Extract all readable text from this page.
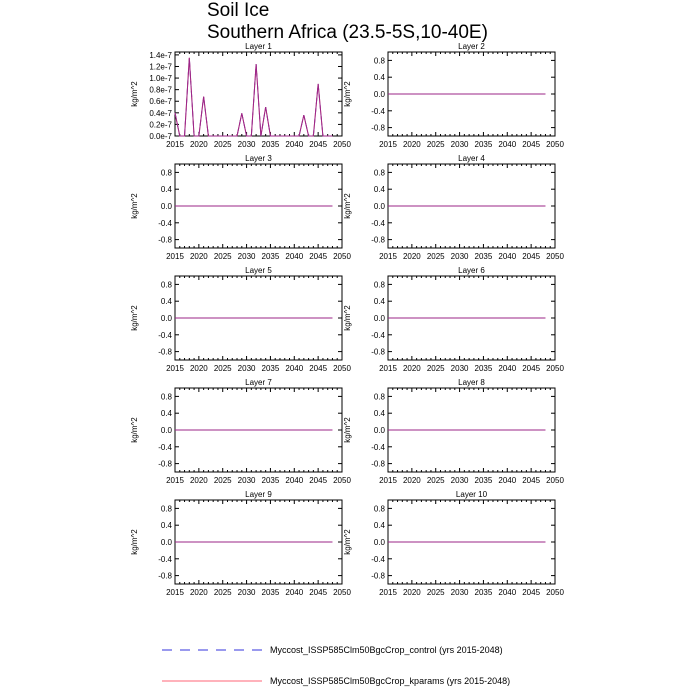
Soil Ice
Southern Africa (23.5-5S,10-40E)
Layer 1
kg/m^2
2015 2020 2025 2030 2035 2040 2045 2050
0.0e-7
0.2e-7
0.4e-7
0.6e-7
0.8e-7
1.0e-7
1.2e-7
1.4e-7
Layer 2
kg/m^2
2015 2020 2025 2030 2035 2040 2045 2050
-0.8
-0.4
0.0
0.4
0.8
Layer 3
kg/m^2
2015 2020 2025 2030 2035 2040 2045 2050
-0.8
-0.4
0.0
0.4
0.8
Layer 4
kg/m^2
2015 2020 2025 2030 2035 2040 2045 2050
-0.8
-0.4
0.0
0.4
0.8
Layer 5
kg/m^2
2015 2020 2025 2030 2035 2040 2045 2050
-0.8
-0.4
0.0
0.4
0.8
Layer 6
kg/m^2
2015 2020 2025 2030 2035 2040 2045 2050
-0.8
-0.4
0.0
0.4
0.8
Layer 7
kg/m^2
2015 2020 2025 2030 2035 2040 2045 2050
-0.8
-0.4
0.0
0.4
0.8
Layer 8
kg/m^2
2015 2020 2025 2030 2035 2040 2045 2050
-0.8
-0.4
0.0
0.4
0.8
Layer 9
kg/m^2
2015 2020 2025 2030 2035 2040 2045 2050
-0.8
-0.4
0.0
0.4
0.8
Layer 10
kg/m^2
2015 2020 2025 2030 2035 2040 2045 2050
-0.8
-0.4
0.0
0.4
0.8
Myccost_ISSP585Clm50BgcCrop_control (yrs 2015-2048)
Myccost_ISSP585Clm50BgcCrop_kparams (yrs 2015-2048)
